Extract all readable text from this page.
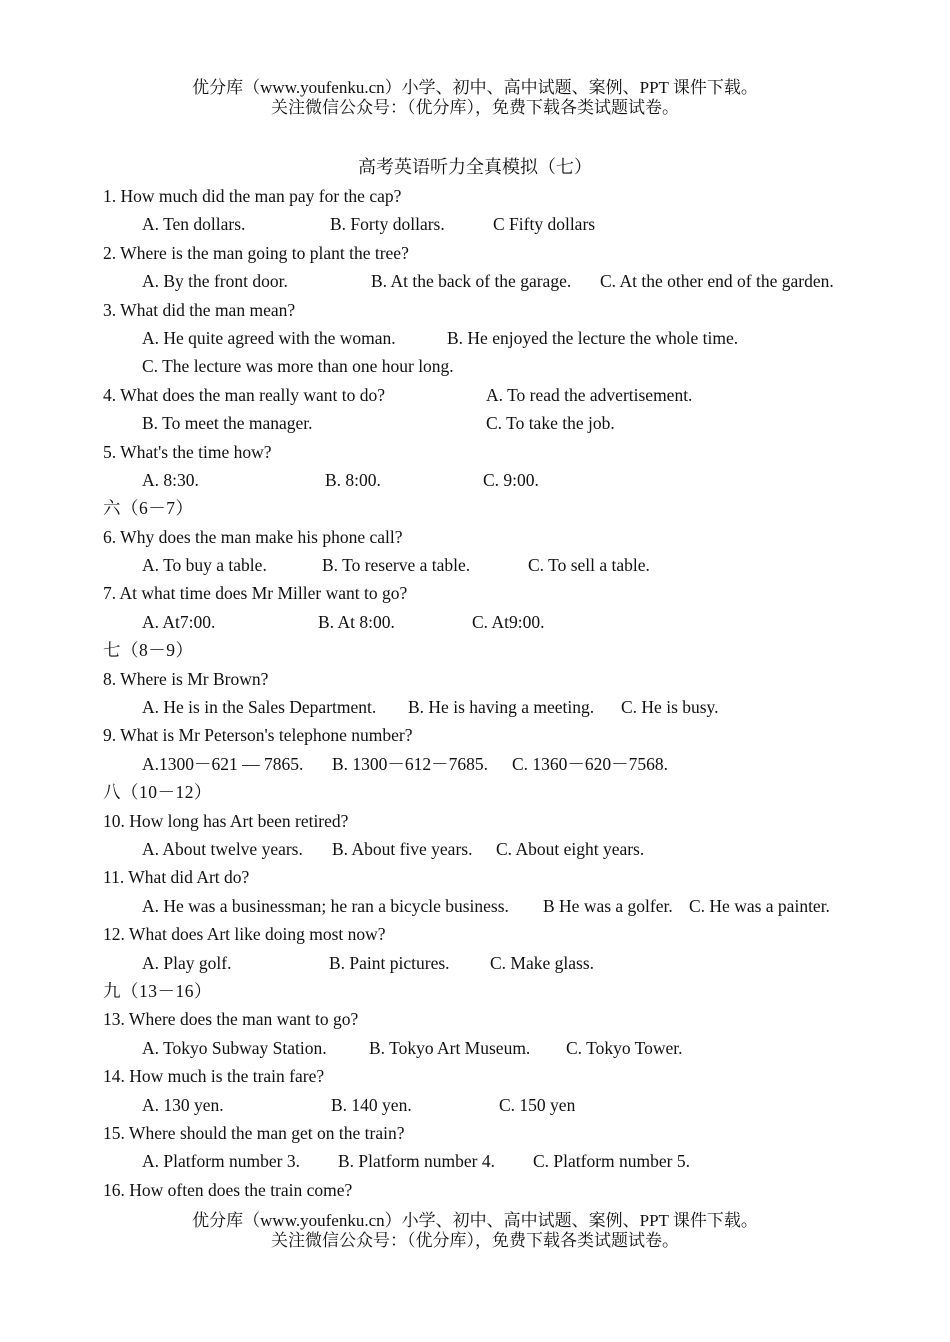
优分库（www.youfenku.cn）小学、初中、高中试题、案例、PPT 课件下载。
关注微信公众号：（优分库），免费下载各类试题试卷。
高考英语听力全真模拟（七）
1. How much did the man pay for the cap?
A. Ten dollars.	B. Forty dollars.	C Fifty dollars
2. Where is the man going to plant the tree?
A. By the front door.	B. At the back of the garage. C. At the other end of the garden.
3. What did the man mean?
A. He quite agreed with the woman.	B. He enjoyed the lecture the whole time.
C. The lecture was more than one hour long.
4. What does the man really want to do?	A. To read the advertisement.
B. To meet the manager.	C. To take the job.
5. What's the time how?
A. 8:30.	B. 8:00.	C. 9:00.
六（6－7）
6. Why does the man make his phone call?
A. To buy a table.	B. To reserve a table.	C. To sell a table.
7. At what time does Mr Miller want to go?
A. At7:00.	B. At 8:00.	C. At9:00.
七（8－9）
8. Where is Mr Brown?
A. He is in the Sales Department. B. He is having a meeting. C. He is busy.
9. What is Mr Peterson's telephone number?
A.1300－621 — 7865. B. 1300－612－7685. C. 1360－620－7568.
八（10－12）
10. How long has Art been retired?
A. About twelve years. B. About five years. C. About eight years.
11. What did Art do?
A. He was a businessman; he ran a bicycle business. B He was a golfer. C. He was a painter.
12. What does Art like doing most now?
A. Play golf.	B. Paint pictures. C. Make glass.
九（13－16）
13. Where does the man want to go?
A. Tokyo Subway Station. B. Tokyo Art Museum. C. Tokyo Tower.
14. How much is the train fare?
A. 130 yen.	B. 140 yen.	C. 150 yen
15. Where should the man get on the train?
A. Platform number 3. B. Platform number 4. C. Platform number 5.
16. How often does the train come?
优分库（www.youfenku.cn）小学、初中、高中试题、案例、PPT 课件下载。
关注微信公众号：（优分库），免费下载各类试题试卷。
